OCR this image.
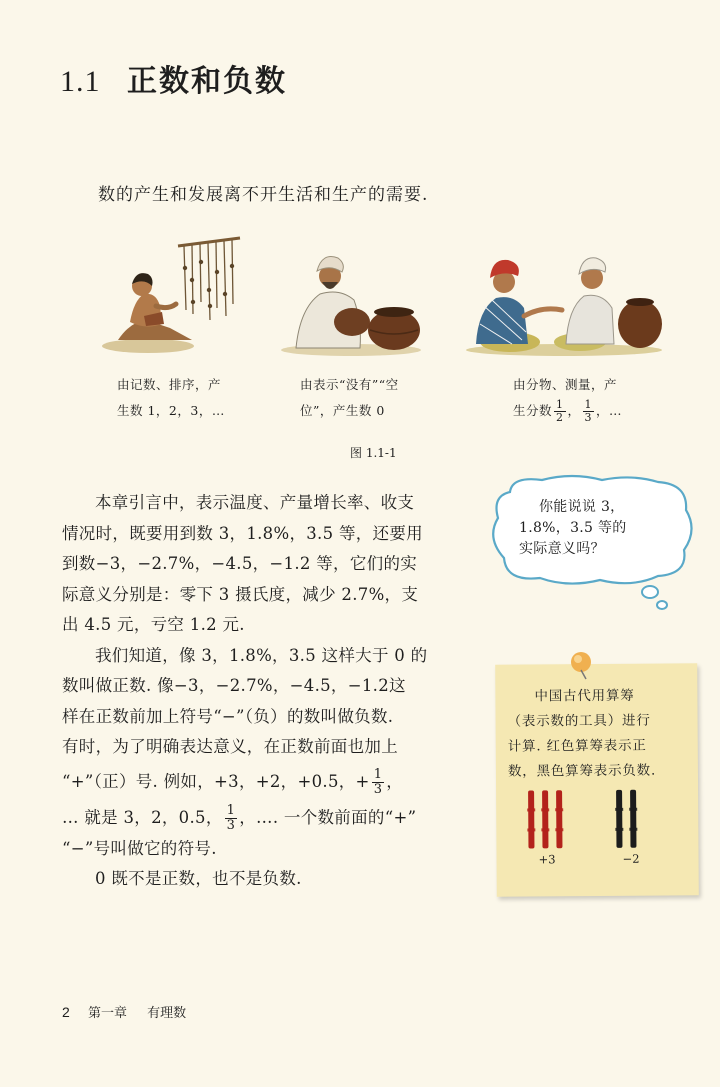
1.1 正数和负数
数的产生和发展离不开生活和生产的需要.
由记数、排序，产
生数 1，2，3，…
由表示“没有”“空
位”，产生数 0
由分物、测量，产
生分数 $\frac{1}{2}$ ， $\frac{1}{3}$ ，…
图 1.1-1

本章引言中，表示温度、产量增长率、收支

情况时，既要用到数 3，1.8%，3.5 等，还要用
到数−3，−2.7%，−4.5，−1.2 等，它们的实
际意义分别是：零下 3 摄氏度，减少 2.7%，支
出 4.5 元，亏空 1.2 元.

我们知道，像 3，1.8%，3.5 这样大于 0 的

数叫做正数. 像−3，−2.7%，−4.5，−1.2这
样在正数前加上符号“−”（负）的数叫做负数.
有时，为了明确表达意义，在正数前面也加上
“+”（正）号. 例如，+3，+2，+0.5，+ $\frac{1}{3}$ ，
… 就是 3，2，0.5， $\frac{1}{3}$ ，…. 一个数前面的“+”
“−”号叫做它的符号.

0 既不是正数，也不是负数.

你能说说 3，
1.8%，3.5 等的
实际意义吗？
中国古代用算筹
（表示数的工具）进行
计算. 红色算筹表示正
数，黑色算筹表示负数.
+3	−2
2 第一章 有理数
